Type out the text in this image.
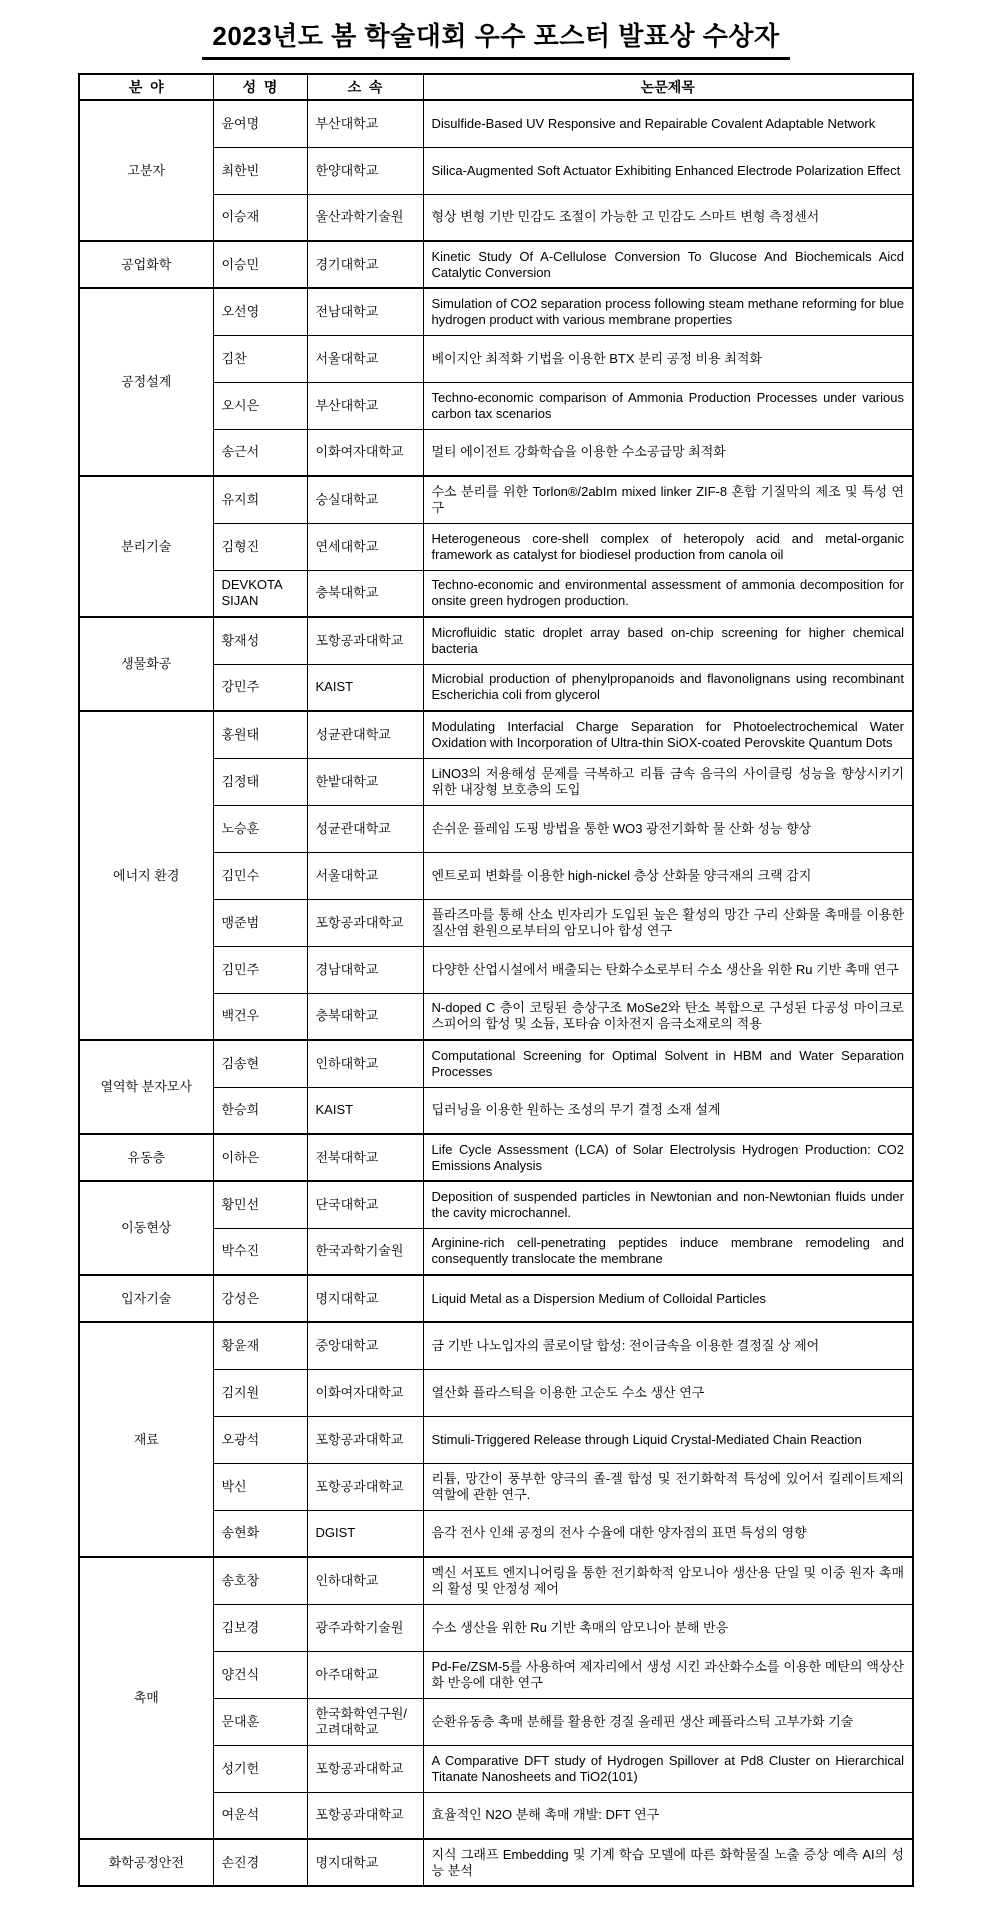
2023년도 봄 학술대회 우수 포스터 발표상 수상자
분  야	성  명	소  속	논문제목
고분자	윤여명	부산대학교	Disulfide-Based UV Responsive and Repairable Covalent Adaptable Network
	최한빈	한양대학교	Silica-Augmented Soft Actuator Exhibiting Enhanced Electrode Polarization Effect
	이승재	울산과학기술원	형상 변형 기반 민감도 조절이 가능한 고 민감도 스마트 변형 측정센서
공업화학	이승민	경기대학교	Kinetic Study Of A-Cellulose Conversion To Glucose And Biochemicals Aicd Catalytic Conversion
공정설계	오선영	전남대학교	Simulation of CO2 separation process following steam methane reforming for blue hydrogen product with various membrane properties
	김찬	서울대학교	베이지안 최적화 기법을 이용한 BTX 분리 공정 비용 최적화
	오시은	부산대학교	Techno-economic comparison of Ammonia Production Processes under various carbon tax scenarios
	송근서	이화여자대학교	멀티 에이전트 강화학습을 이용한 수소공급망 최적화
분리기술	유지희	숭실대학교	수소 분리를 위한 Torlon®/2abIm mixed linker ZIF-8 혼합 기질막의 제조 및 특성 연구
	김형진	연세대학교	Heterogeneous core-shell complex of heteropoly acid and metal-organic framework as catalyst for biodiesel production from canola oil
	DEVKOTA SIJAN	충북대학교	Techno-economic and environmental assessment of ammonia decomposition for onsite green hydrogen production.
생물화공	황재성	포항공과대학교	Microfluidic static droplet array based on-chip screening for higher chemical bacteria
	강민주	KAIST	Microbial production of phenylpropanoids and flavonolignans using recombinant Escherichia coli from glycerol
에너지 환경	홍원태	성균관대학교	Modulating Interfacial Charge Separation for Photoelectrochemical Water Oxidation with Incorporation of Ultra-thin SiOX-coated Perovskite Quantum Dots
	김정태	한밭대학교	LiNO3의 저용해성 문제를 극복하고 리튬 금속 음극의 사이클링 성능을 향상시키기 위한 내장형 보호층의 도입
	노승훈	성균관대학교	손쉬운 플레임 도핑 방법을 통한 WO3 광전기화학 물 산화 성능 향상
	김민수	서울대학교	엔트로피 변화를 이용한 high-nickel 층상 산화물 양극재의 크랙 감지
	맹준범	포항공과대학교	플라즈마를 통해 산소 빈자리가 도입된 높은 활성의 망간 구리 산화물 촉매를 이용한 질산염 환원으로부터의 암모니아 합성 연구
	김민주	경남대학교	다양한 산업시설에서 배출되는 탄화수소로부터 수소 생산을 위한 Ru 기반 촉매 연구
	백건우	충북대학교	N-doped C 층이 코팅된 층상구조 MoSe2와 탄소 복합으로 구성된 다공성 마이크로스피어의 합성 및 소듐, 포타슘 이차전지 음극소재로의 적용
열역학 분자모사	김송현	인하대학교	Computational Screening for Optimal Solvent in HBM and Water Separation Processes
	한승희	KAIST	딥러닝을 이용한 원하는 조성의 무기 결정 소재 설계
유동층	이하은	전북대학교	Life Cycle Assessment (LCA) of Solar Electrolysis Hydrogen Production: CO2 Emissions Analysis
이동현상	황민선	단국대학교	Deposition of suspended particles in Newtonian and non-Newtonian fluids under the cavity microchannel.
	박수진	한국과학기술원	Arginine-rich cell-penetrating peptides induce membrane remodeling and consequently translocate the membrane
입자기술	강성은	명지대학교	Liquid Metal as a Dispersion Medium of Colloidal Particles
재료	황윤재	중앙대학교	금 기반 나노입자의 콜로이달 합성: 전이금속을 이용한 결정질 상 제어
	김지원	이화여자대학교	열산화 플라스틱을 이용한 고순도 수소 생산 연구
	오광석	포항공과대학교	Stimuli-Triggered Release through Liquid Crystal-Mediated Chain Reaction
	박신	포항공과대학교	리튬, 망간이 풍부한 양극의 졸-겔 합성 및 전기화학적 특성에 있어서 킬레이트제의 역할에 관한 연구.
	송현화	DGIST	음각 전사 인쇄 공정의 전사 수율에 대한 양자점의 표면 특성의 영향
촉매	송호창	인하대학교	멕신 서포트 엔지니어링을 통한 전기화학적 암모니아 생산용 단일 및 이중 원자 촉매의 활성 및 안정성 제어
	김보경	광주과학기술원	수소 생산을 위한 Ru 기반 촉매의 암모니아 분해 반응
	양건식	아주대학교	Pd-Fe/ZSM-5를 사용하여 제자리에서 생성 시킨 과산화수소를 이용한 메탄의 액상산화 반응에 대한 연구
	문대훈	한국화학연구원/고려대학교	순환유동층 촉매 분해를 활용한 경질 올레핀 생산 폐플라스틱 고부가화 기술
	성기헌	포항공과대학교	A Comparative DFT study of Hydrogen Spillover at Pd8 Cluster on Hierarchical Titanate Nanosheets and TiO2(101)
	여운석	포항공과대학교	효율적인 N2O 분해 촉매 개발: DFT 연구
화학공정안전	손진경	명지대학교	지식 그래프 Embedding 및 기계 학습 모델에 따른 화학물질 노출 증상 예측 AI의 성능 분석
